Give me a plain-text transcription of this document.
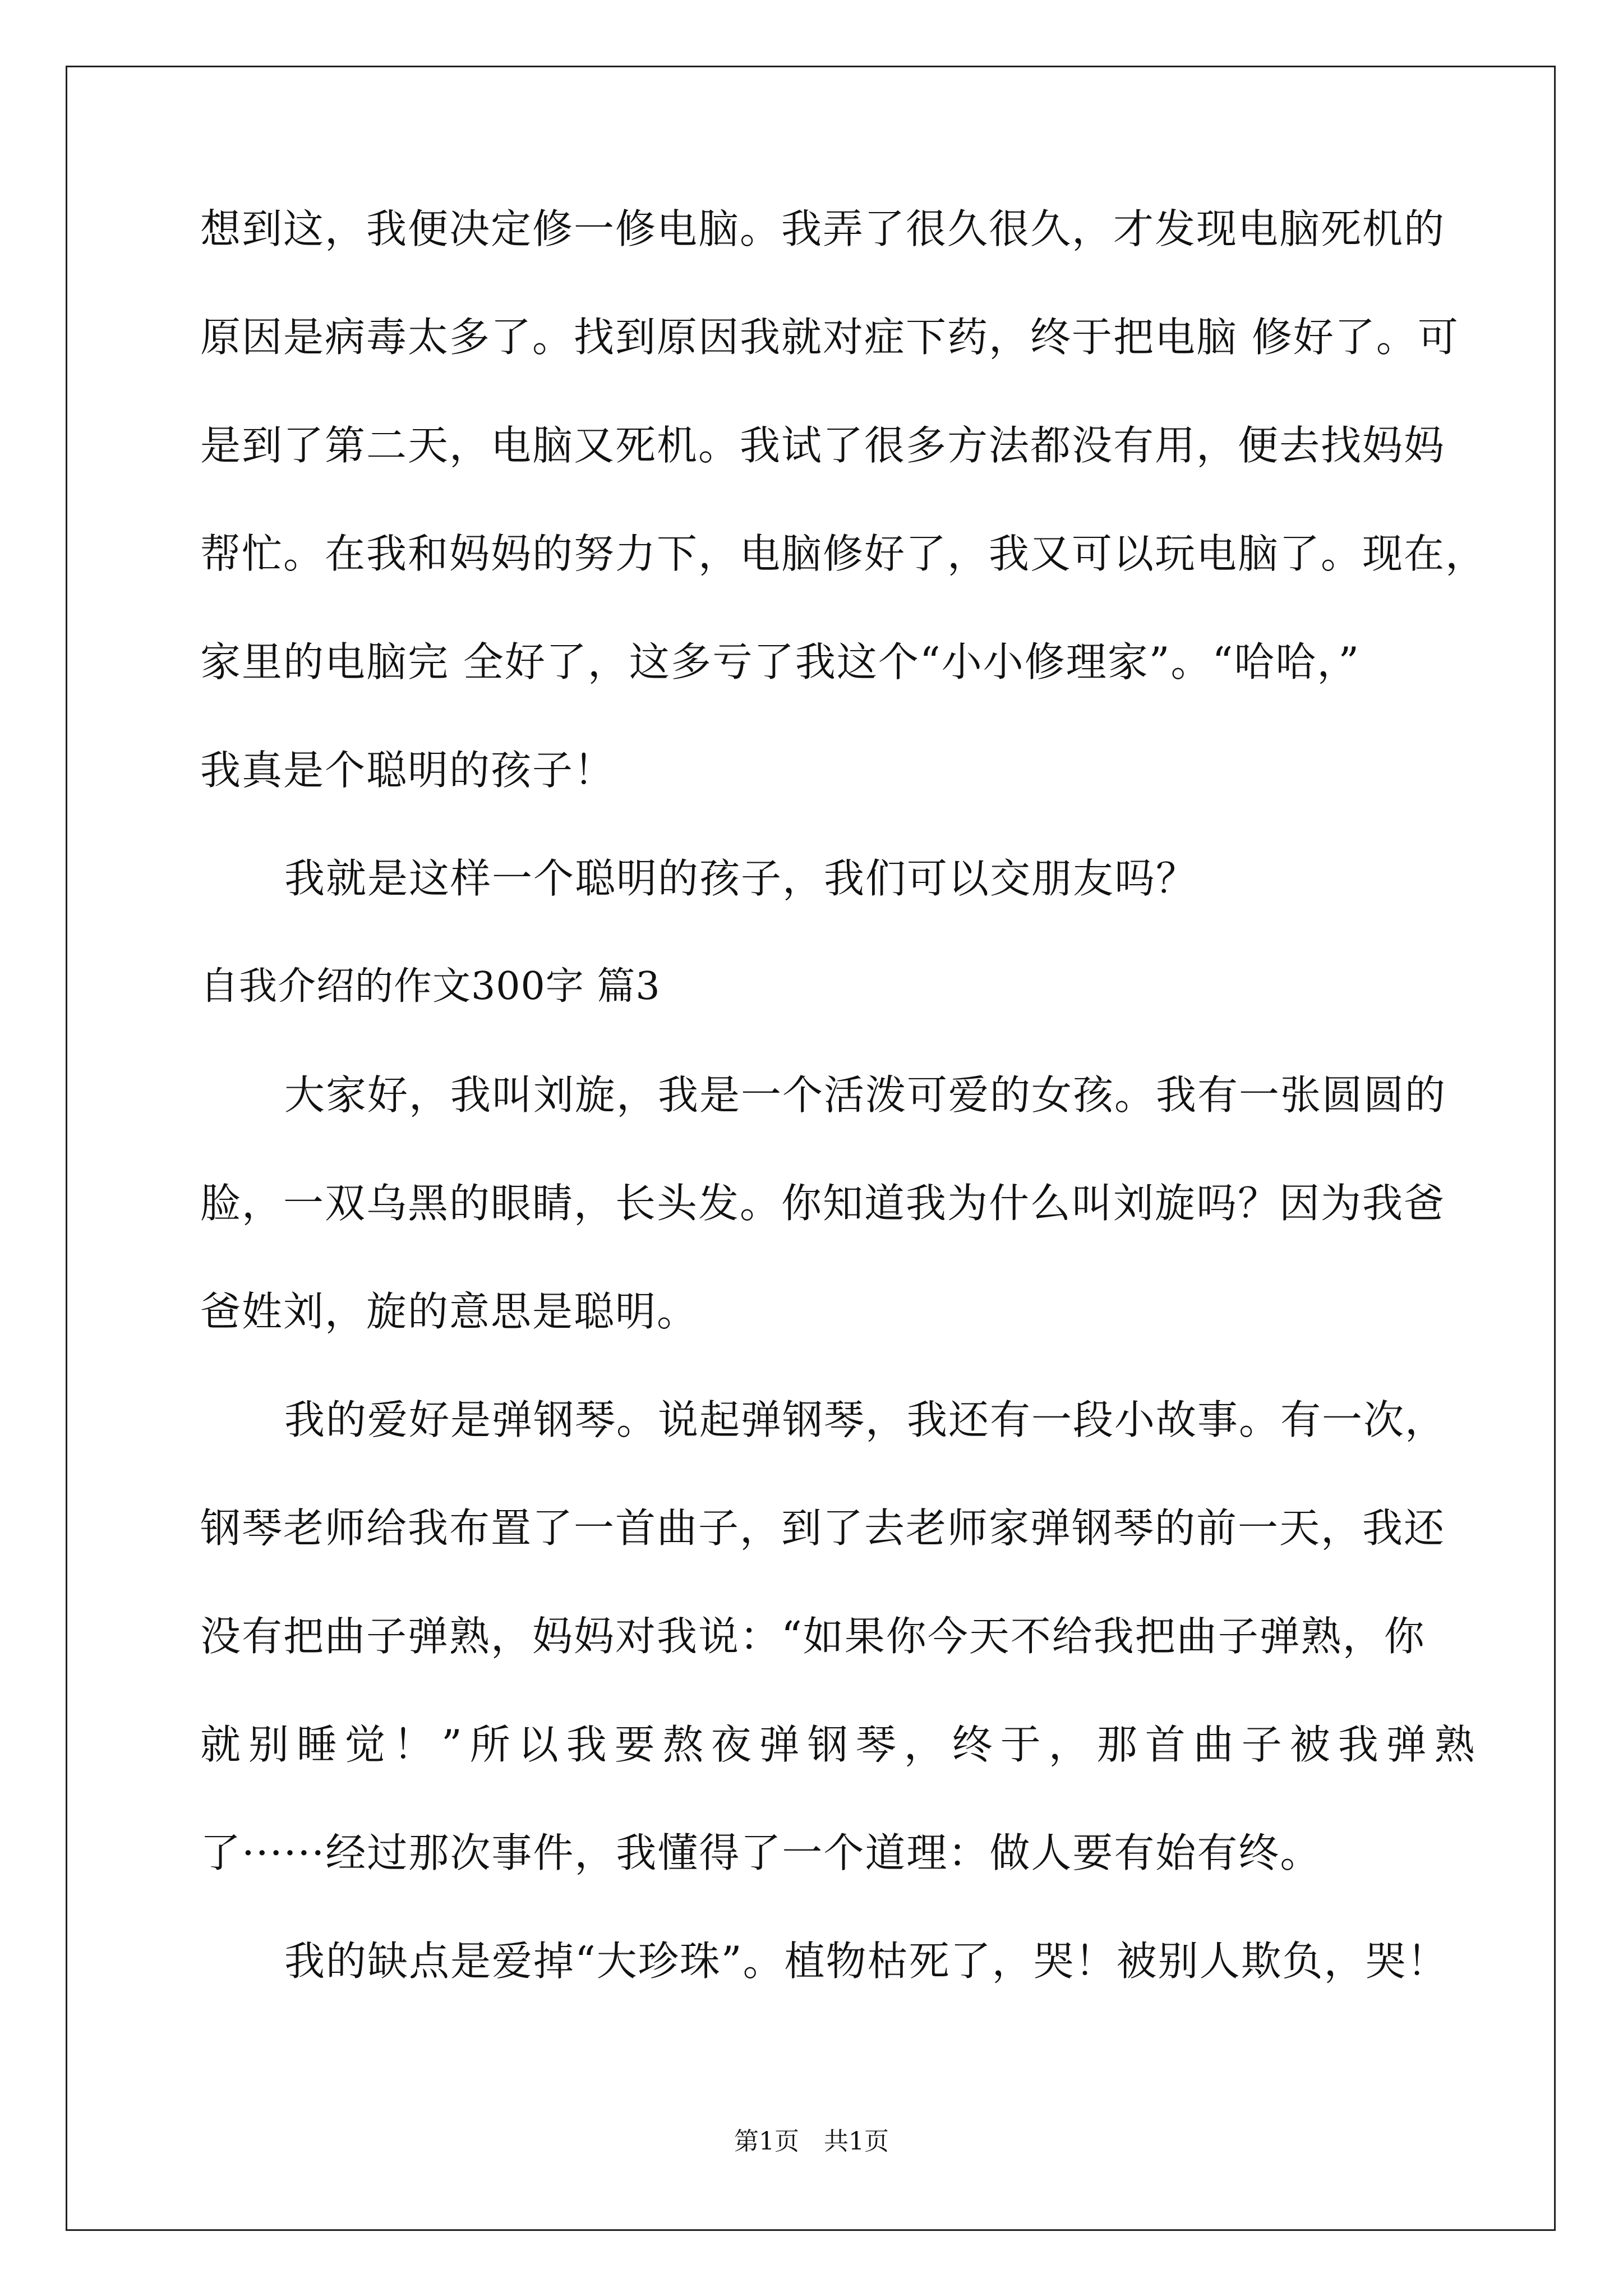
想到这，我便决定修一修电脑。我弄了很久很久，才发现电脑死机的
原因是病毒太多了。找到原因我就对症下药，终于把电脑 修好了。可
是到了第二天，电脑又死机。我试了很多方法都没有用，便去找妈妈
帮忙。在我和妈妈的努力下，电脑修好了，我又可以玩电脑了。现在，
家里的电脑完 全好了，这多亏了我这个“小小修理家”。“哈哈，”
我真是个聪明的孩子！
我就是这样一个聪明的孩子，我们可以交朋友吗？
自我介绍的作文300字 篇3
大家好，我叫刘旋，我是一个活泼可爱的女孩。我有一张圆圆的
脸，一双乌黑的眼睛，长头发。你知道我为什么叫刘旋吗？因为我爸
爸姓刘，旋的意思是聪明。
我的爱好是弹钢琴。说起弹钢琴，我还有一段小故事。有一次，
钢琴老师给我布置了一首曲子，到了去老师家弹钢琴的前一天，我还
没有把曲子弹熟，妈妈对我说：“如果你今天不给我把曲子弹熟，你
就别睡觉！”所以我要熬夜弹钢琴，终于，那首曲子被我弹熟
了······经过那次事件，我懂得了一个道理：做人要有始有终。
我的缺点是爱掉“大珍珠”。植物枯死了，哭！被别人欺负，哭！
第1页　共1页
